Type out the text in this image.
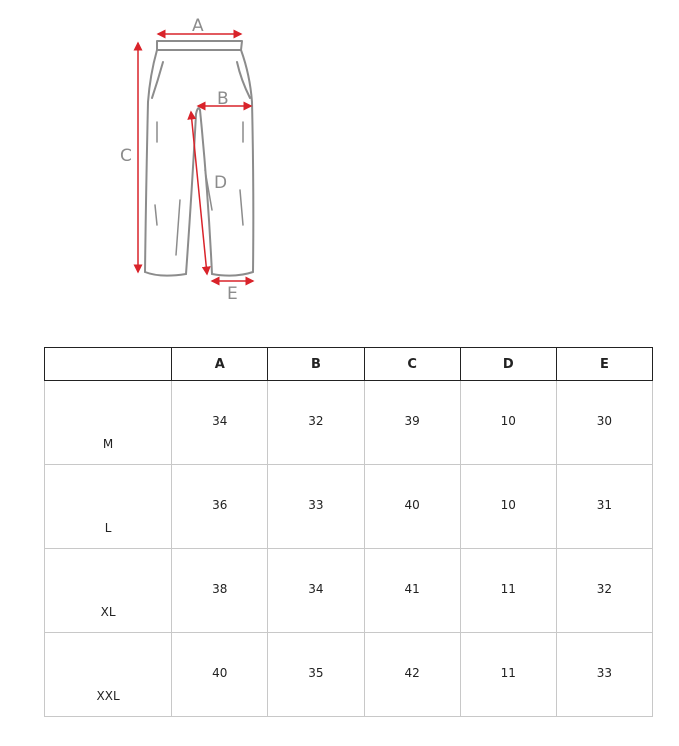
A
B
C
D
E
	A	B	C	D	E
M	34	32	39	10	30
L	36	33	40	10	31
XL	38	34	41	11	32
XXL	40	35	42	11	33
